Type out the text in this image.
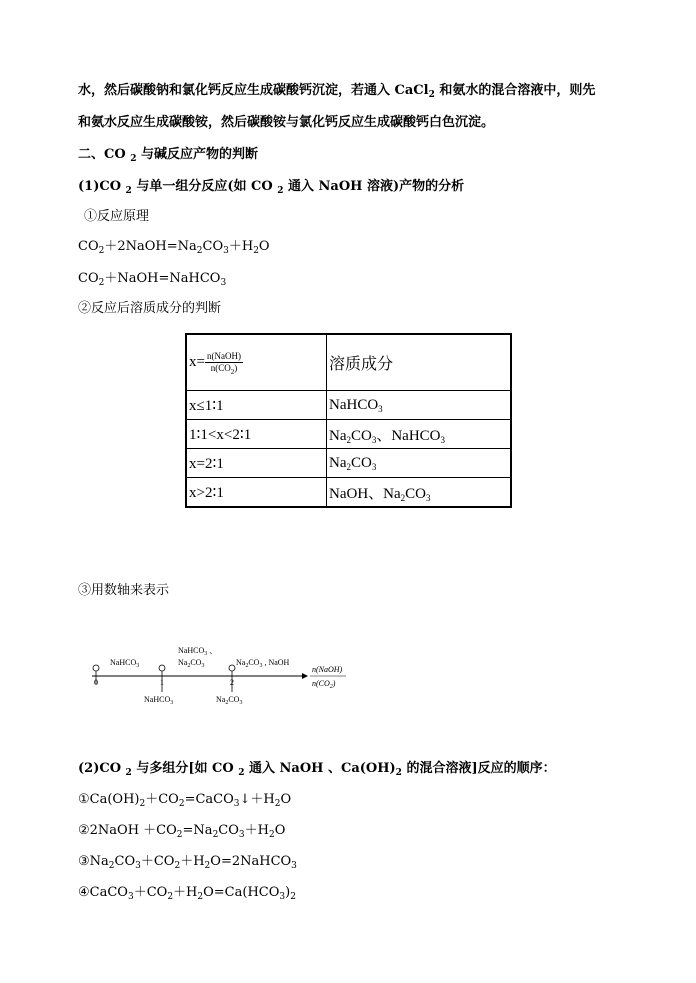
水，然后碳酸钠和氯化钙反应生成碳酸钙沉淀，若通入 CaCl$_2$ 和氨水的混合溶液中，则先
和氨水反应生成碳酸铵，然后碳酸铵与氯化钙反应生成碳酸钙白色沉淀。
二、CO $_2$ 与碱反应产物的判断
(1)CO $_2$ 与单一组分反应(如 CO $_2$ 通入 NaOH 溶液)产物的分析
①反应原理
$CO_2+2NaOH=Na_2CO_3+H_2O$
$CO_2+NaOH=NaHCO_3$
②反应后溶质成分的判断
$x= \frac{\text{n(NaOH)}}{n(CO_2)}$	溶质成分
x≤1∶1	NaHCO$_3$
1∶1<x<2∶1	$Na_2CO_3$、NaHCO$_3$
x=2∶1	$Na_2CO_3$
x>2∶1	NaOH、$Na_2CO_3$
③用数轴来表示
0	1	2
NaHCO$_3$
NaHCO$_3$ 、
$Na_2CO_3$	$Na_2CO_3$ , NaOH
NaHCO$_3$	$Na_2CO_3$
n(NaOH)
$n(CO_2)$
(2)CO $_2$ 与多组分[如 CO $_2$ 通入 NaOH 、$Ca(OH)_2$ 的混合溶液]反应的顺序：
$①Ca(OH)_2+CO_2=CaCO_3↓+H_2O$
②2NaOH $+CO_2=Na_2CO_3+H_2O$
$③Na_2CO_3+CO_2+H_2O=2NaHCO_3$
$④CaCO_3+CO_2+H_2O=Ca(HCO_3)_2$
